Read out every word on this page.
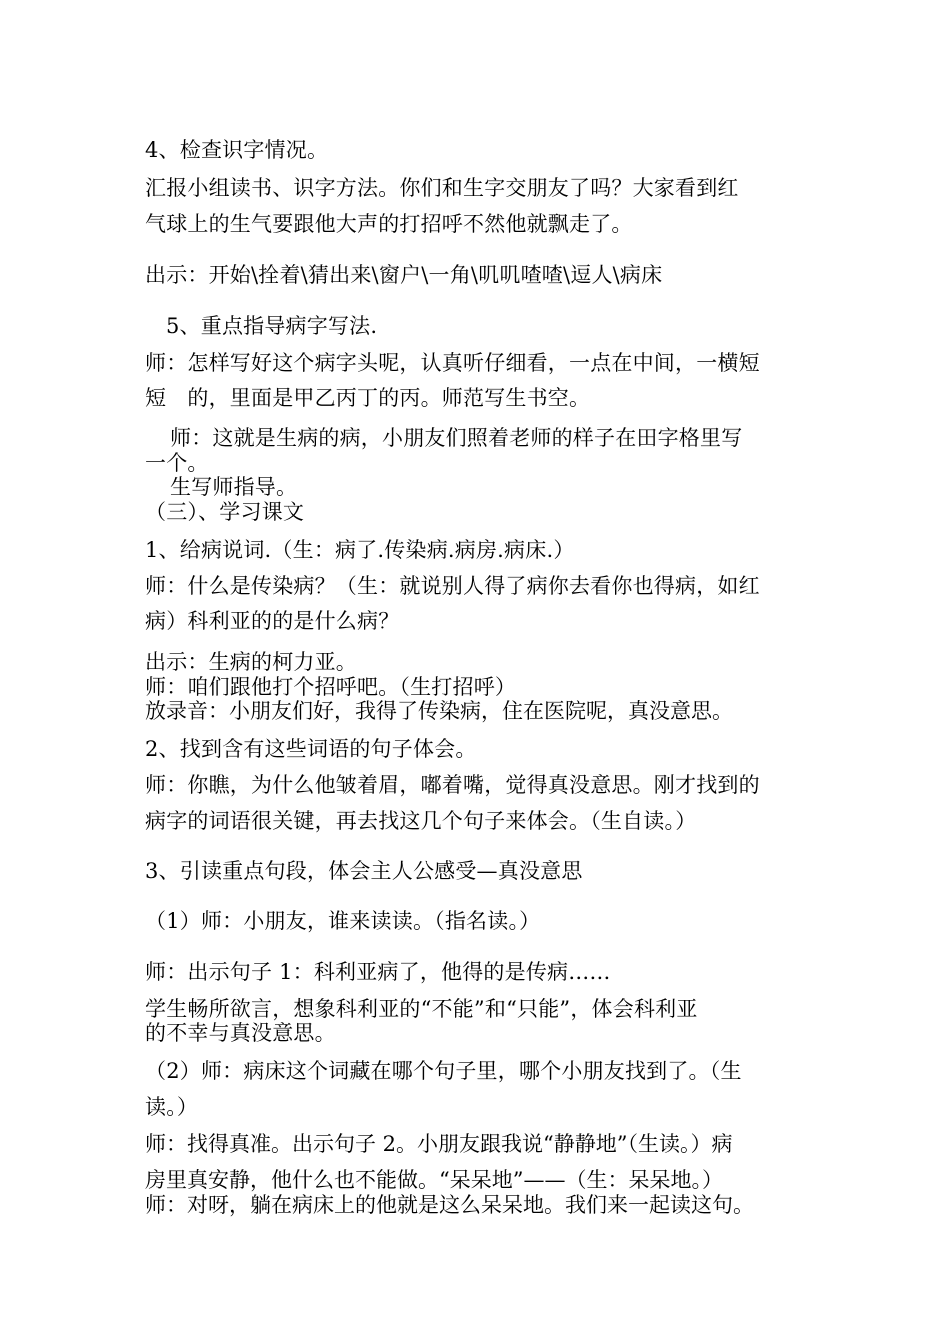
4、检查识字情况。
汇报小组读书、识字方法。你们和生字交朋友了吗？大家看到红
气球上的生气要跟他大声的打招呼不然他就飘走了。
出示：开始\拴着\猜出来\窗户\一角\叽叽喳喳\逗人\病床
5、重点指导病字写法.
师：怎样写好这个病字头呢，认真听仔细看，一点在中间，一横短
短　的，里面是甲乙丙丁的丙。师范写生书空。
师：这就是生病的病，小朋友们照着老师的样子在田字格里写
一个。
生写师指导。
（三）、学习课文
1、给病说词.（生：病了.传染病.病房.病床.）
师：什么是传染病？（生：就说别人得了病你去看你也得病，如红
病）科利亚的的是什么病？
出示：生病的柯力亚。
师：咱们跟他打个招呼吧。（生打招呼）
放录音：小朋友们好，我得了传染病，住在医院呢，真没意思。
2、找到含有这些词语的句子体会。
师：你瞧，为什么他皱着眉，嘟着嘴，觉得真没意思。刚才找到的
病字的词语很关键，再去找这几个句子来体会。（生自读。）
3、引读重点句段，体会主人公感受—真没意思
（1）师：小朋友，谁来读读。（指名读。）
师：出示句子 1：科利亚病了，他得的是传病……
学生畅所欲言，想象科利亚的“不能”和“只能”，体会科利亚
的不幸与真没意思。
（2）师：病床这个词藏在哪个句子里，哪个小朋友找到了。（生
读。）
师：找得真准。出示句子 2。小朋友跟我说“静静地”（生读。）病
房里真安静，他什么也不能做。“呆呆地”——（生：呆呆地。）
师：对呀，躺在病床上的他就是这么呆呆地。我们来一起读这句。
